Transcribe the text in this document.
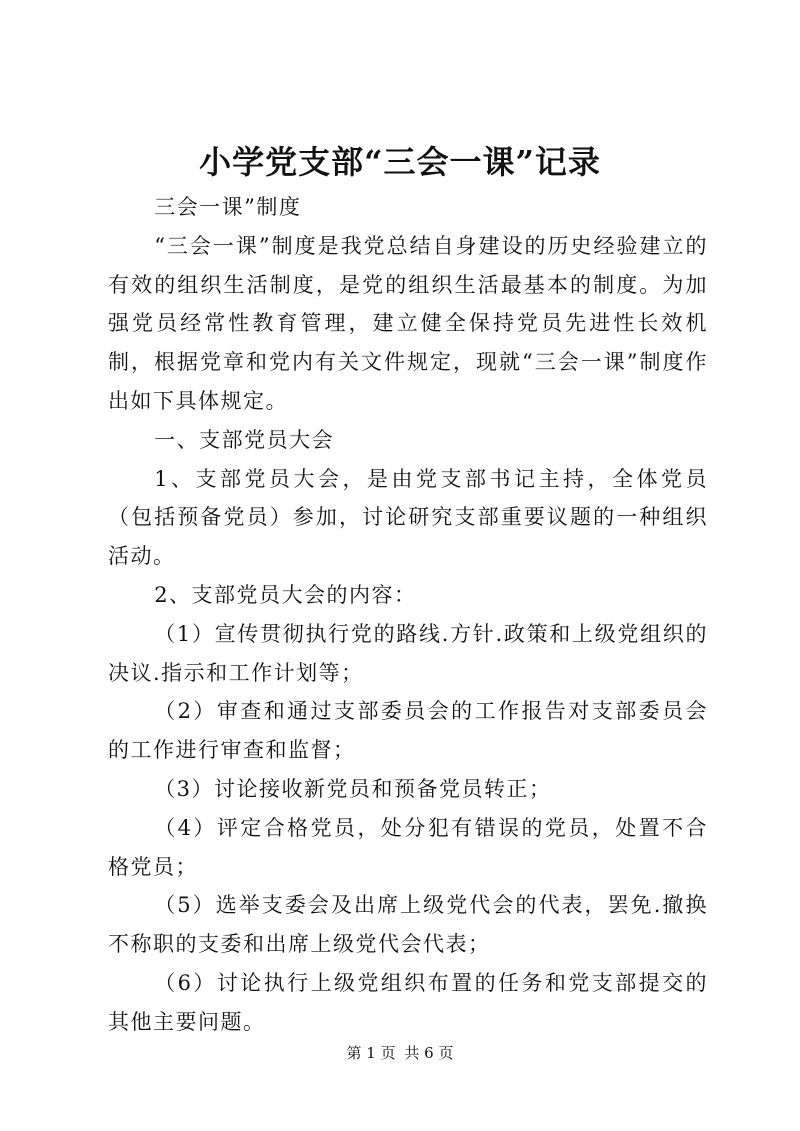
小学党支部“三会一课”记录

三会一课”制度

“三会一课”制度是我党总结自身建设的历史经验建立的有效的组织生活制度，是党的组织生活最基本的制度。为加强党员经常性教育管理，建立健全保持党员先进性长效机制，根据党章和党内有关文件规定，现就“三会一课”制度作出如下具体规定。

一、支部党员大会

1、支部党员大会，是由党支部书记主持，全体党员（包括预备党员）参加，讨论研究支部重要议题的一种组织活动。

2、支部党员大会的内容：

（1）宣传贯彻执行党的路线.方针.政策和上级党组织的决议.指示和工作计划等；

（2）审查和通过支部委员会的工作报告对支部委员会的工作进行审查和监督；

（3）讨论接收新党员和预备党员转正；

（4）评定合格党员，处分犯有错误的党员，处置不合格党员；

（5）选举支委会及出席上级党代会的代表，罢免.撤换不称职的支委和出席上级党代会代表；

（6）讨论执行上级党组织布置的任务和党支部提交的其他主要问题。

第 1 页 共 6 页
